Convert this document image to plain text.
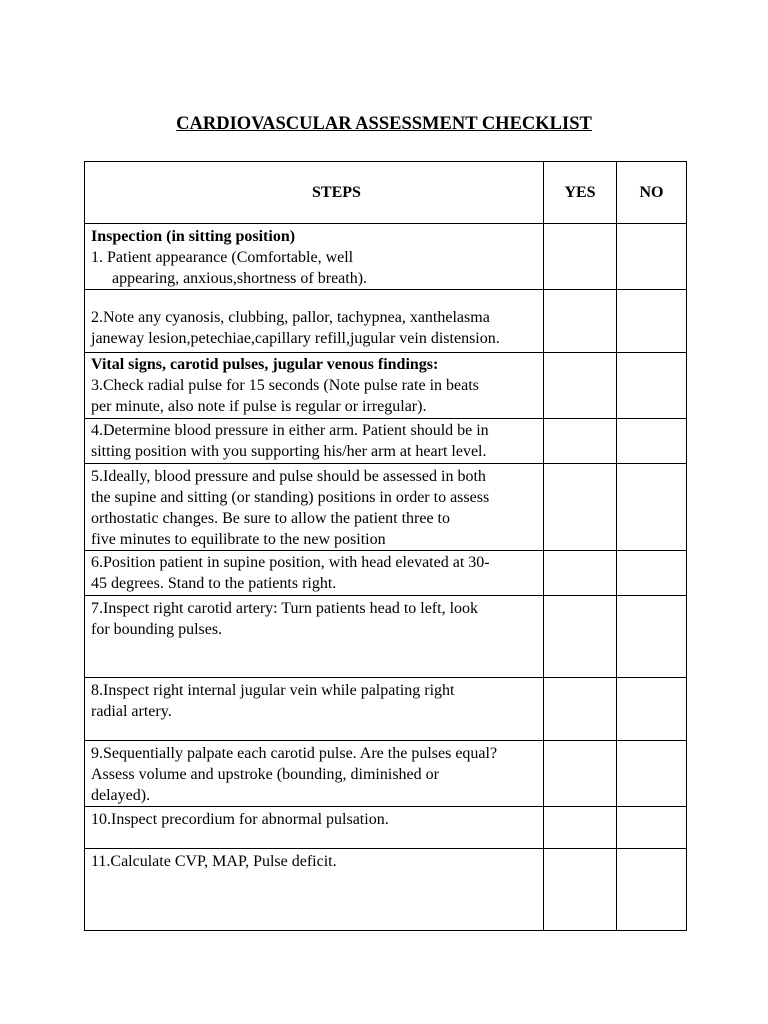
CARDIOVASCULAR ASSESSMENT CHECKLIST
STEPS	YES	NO

Inspection (in sitting position)
1. Patient appearance (Comfortable, well
appearing, anxious,shortness of breath).		

2.Note any cyanosis, clubbing, pallor, tachypnea, xanthelasma
janeway lesion,petechiae,capillary refill,jugular vein distension.		

Vital signs, carotid pulses, jugular venous findings:
3.Check radial pulse for 15 seconds (Note pulse rate in beats
per minute, also note if pulse is regular or irregular).		

4.Determine blood pressure in either arm. Patient should be in
sitting position with you supporting his/her arm at heart level.		

5.Ideally, blood pressure and pulse should be assessed in both
the supine and sitting (or standing) positions in order to assess
orthostatic changes. Be sure to allow the patient three to
five minutes to equilibrate to the new position		

6.Position patient in supine position, with head elevated at 30-
45 degrees. Stand to the patients right.		

7.Inspect right carotid artery: Turn patients head to left, look
for bounding pulses.		

8.Inspect right internal jugular vein while palpating right
radial artery.		

9.Sequentially palpate each carotid pulse. Are the pulses equal?
Assess volume and upstroke (bounding, diminished or
delayed).		

10.Inspect precordium for abnormal pulsation.		

11.Calculate CVP, MAP, Pulse deficit.		
